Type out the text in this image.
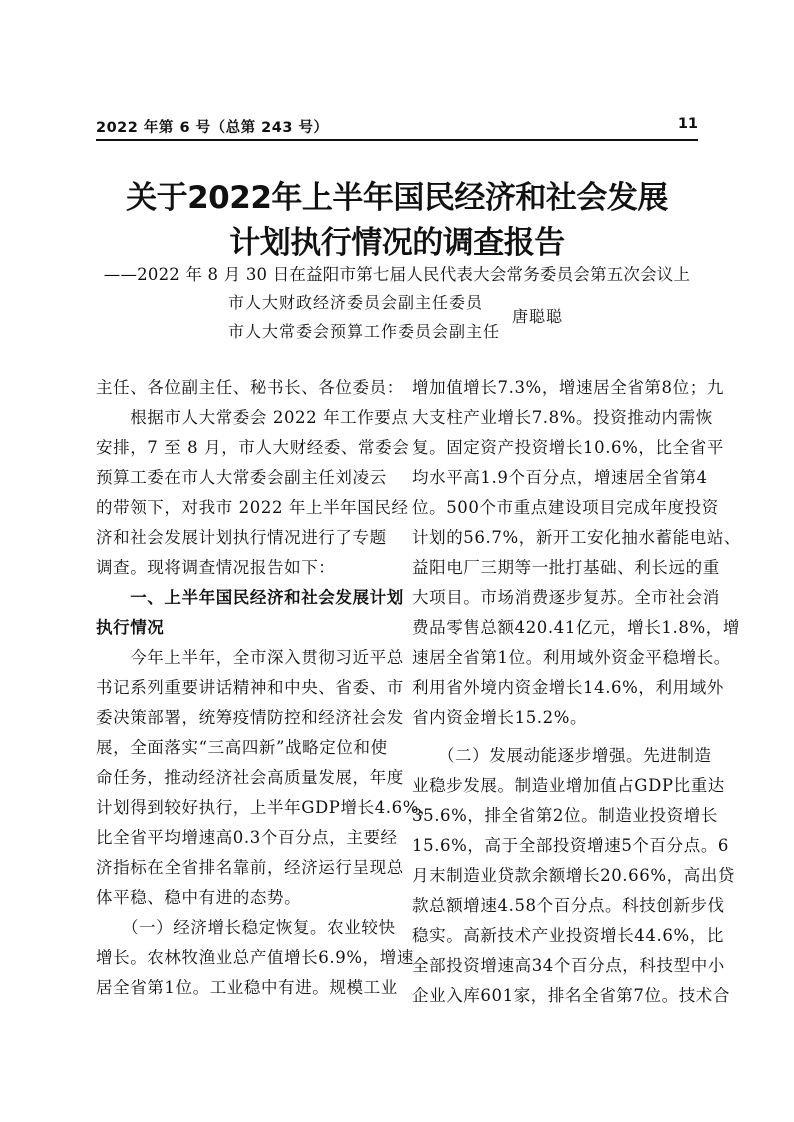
2022 年第 6 号（总第 243 号）	11
关于2022年上半年国民经济和社会发展
计划执行情况的调查报告
——2022 年 8 月 30 日在益阳市第七届人民代表大会常务委员会第五次会议上
市人大财政经济委员会副主任委员
市人大常委会预算工作委员会副主任
唐聪聪
主任、各位副主任、秘书长、各位委员：
　　根据市人大常委会 2022 年工作要点
安排，7 至 8 月，市人大财经委、常委会
预算工委在市人大常委会副主任刘凌云
的带领下，对我市 2022 年上半年国民经
济和社会发展计划执行情况进行了专题
调查。现将调查情况报告如下：
　　一、上半年国民经济和社会发展计划
执行情况
　　今年上半年，全市深入贯彻习近平总
书记系列重要讲话精神和中央、省委、市
委决策部署，统筹疫情防控和经济社会发
展，全面落实“三高四新”战略定位和使
命任务，推动经济社会高质量发展，年度
计划得到较好执行，上半年GDP增长4.6%，
比全省平均增速高0.3个百分点，主要经
济指标在全省排名靠前，经济运行呈现总
体平稳、稳中有进的态势。
　　（一）经济增长稳定恢复。农业较快
增长。农林牧渔业总产值增长6.9%，增速
居全省第1位。工业稳中有进。规模工业
增加值增长7.3%，增速居全省第8位；九
大支柱产业增长7.8%。投资推动内需恢
复。固定资产投资增长10.6%，比全省平
均水平高1.9个百分点，增速居全省第4
位。500个市重点建设项目完成年度投资
计划的56.7%，新开工安化抽水蓄能电站、
益阳电厂三期等一批打基础、利长远的重
大项目。市场消费逐步复苏。全市社会消
费品零售总额420.41亿元，增长1.8%，增
速居全省第1位。利用域外资金平稳增长。
利用省外境内资金增长14.6%，利用域外
省内资金增长15.2%。
　　（二）发展动能逐步增强。先进制造
业稳步发展。制造业增加值占GDP比重达
35.6%，排全省第2位。制造业投资增长
15.6%，高于全部投资增速5个百分点。6
月末制造业贷款余额增长20.66%，高出贷
款总额增速4.58个百分点。科技创新步伐
稳实。高新技术产业投资增长44.6%，比
全部投资增速高34个百分点，科技型中小
企业入库601家，排名全省第7位。技术合
